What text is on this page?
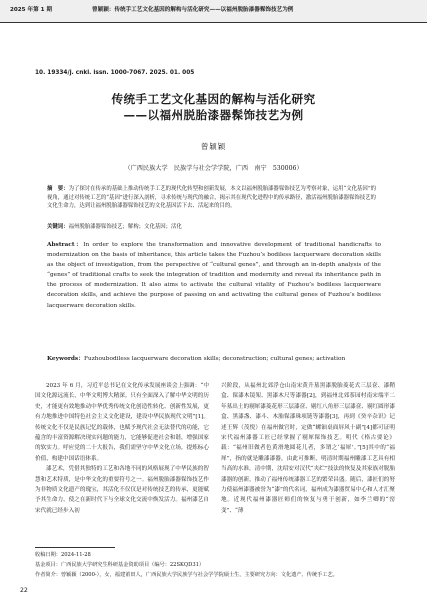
2025 年第 1 期	曾颖颖：传统手工艺文化基因的解构与活化研究——以福州脱胎漆器髹饰技艺为例
10. 19334/j. cnki. issn. 1000-7067. 2025. 01. 005
传统手工艺文化基因的解构与活化研究
——以福州脱胎漆器髹饰技艺为例
曾颖颖
（广西民族大学　民族学与社会学学院，广西　南宁　530006）
摘　要：为了探讨在传承的基础上推动传统手工艺的现代化转型和创新发展，本文以福州脱胎漆器髹饰技艺为考察对象，运用“文化基因”的视角，通过对传统工艺的“基因”进行深入剖析，寻求传统与现代的融合，揭示其在现代化进程中的传承路径，激活福州脱胎漆器髹饰技艺的文化生命力，达到让福州脱胎漆器髹饰技艺的文化基因活下去、活起来的目的。
关键词：福州脱胎漆器髹饰技艺；解构；文化基因；活化
Abstract：In order to explore the transformation and innovative development of traditional handicrafts to modernization on the basis of inheritance, this article takes the Fuzhou’s bodiless lacquerware decoration skills as the object of investigation, from the perspective of “cultural genes”, and through an in-depth analysis of the “genes” of traditional crafts to seek the integration of tradition and modernity and reveal its inheritance path in the process of modernization. It also aims to activate the cultural vitality of Fuzhou’s bodiless lacquerware decoration skills, and achieve the purpose of passing on and activating the cultural genes of Fuzhou’s bodiless lacquerware decoration skills.
Keywords：Fuzhoubodiless lacquerware decoration skills; deconstruction; cultural genes; activation

2023 年 6 月，习近平总书记在文化传承发展座谈会上强调：“中国文化源远流长，中华文明博大精深。只有全面深入了解中华文明的历史，才能更有效地推动中华优秀传统文化创造性转化、创新性发展，更有力地推进中国特色社会主义文化建设，建设中华民族现代文明”[1]。传统文化不仅是民族记忆的载体，也赋予现代社会无法替代的功能，它蕴含的丰富资源解决现实问题的能力，它能够促进社会和谐，增强国家的软实力。呼应党的二十大报告，我们需坚守中华文化立场，提炼标心价值，构建中国话语体系。

漆艺术，凭借其独特的工艺和各地不同的风格展现了中华民族的智慧和艺术特质，是中华文化的重要符号之一。福州脱胎漆器髹饰技艺作为非物质文化遗产的瑰宝，其活化不仅仅是对传统技艺的传承，更能赋予其生命力，使之在新时代下与全球文化交流中焕发活力。福州漆艺自宋代就已经步入初

兴阶段，从福州北郊浮仓山南宋黄升墓黑漆脱胎菱花式三层奁、漆鞘盒、髹漆木镜架、黑漆木尺等漆器[2]，到福州北郊茶园村南宋端平二年墓出土的剔犀漆菱花形三层漆奁、剔红八角形三层漆奁、剔红圆形漆盒、黑漆盏、漆斗、木胎髹漆珠项链等漆器[3]，再到《癸辛杂识》记述王辉（茂悦）在福州做官时，定做“螺钿桌面屏风十副”[4]都可证明宋代福州漆器工匠已经掌握了剔犀髹饰技艺。明代《格古要论》载：“福州旧做者色黄滑地圆花儿者，多谓之‘福犀’。”[5]其中的“福犀”，指的就是雕漆漆器，由此可推断，明清时期福州雕漆工艺具有相当高的水准。清中期，沈绍安对汉代“夹纻”技法的恢复及其家族对脱胎漆器的创新，推动了福州传统漆器工艺的繁荣昌盛。随后，漆匠们的努力使福州漆器被誉为“漆”的代名词，福州成为漆器贸易中心和人才汇聚地。近现代福州漆器匠师们的恢复与勇于创新，如李兰卿的“窑变”、“薄

收稿日期：2024-11-28
基金项目：广西民族大学研究生科研基金资助项目（编号：22SKQD31）
作者简介：曾颖颖（2000-），女，福建莆田人，广西民族大学民族学与社会学学院硕士生，主要研究方向：文化遗产、传统手工艺。
22
